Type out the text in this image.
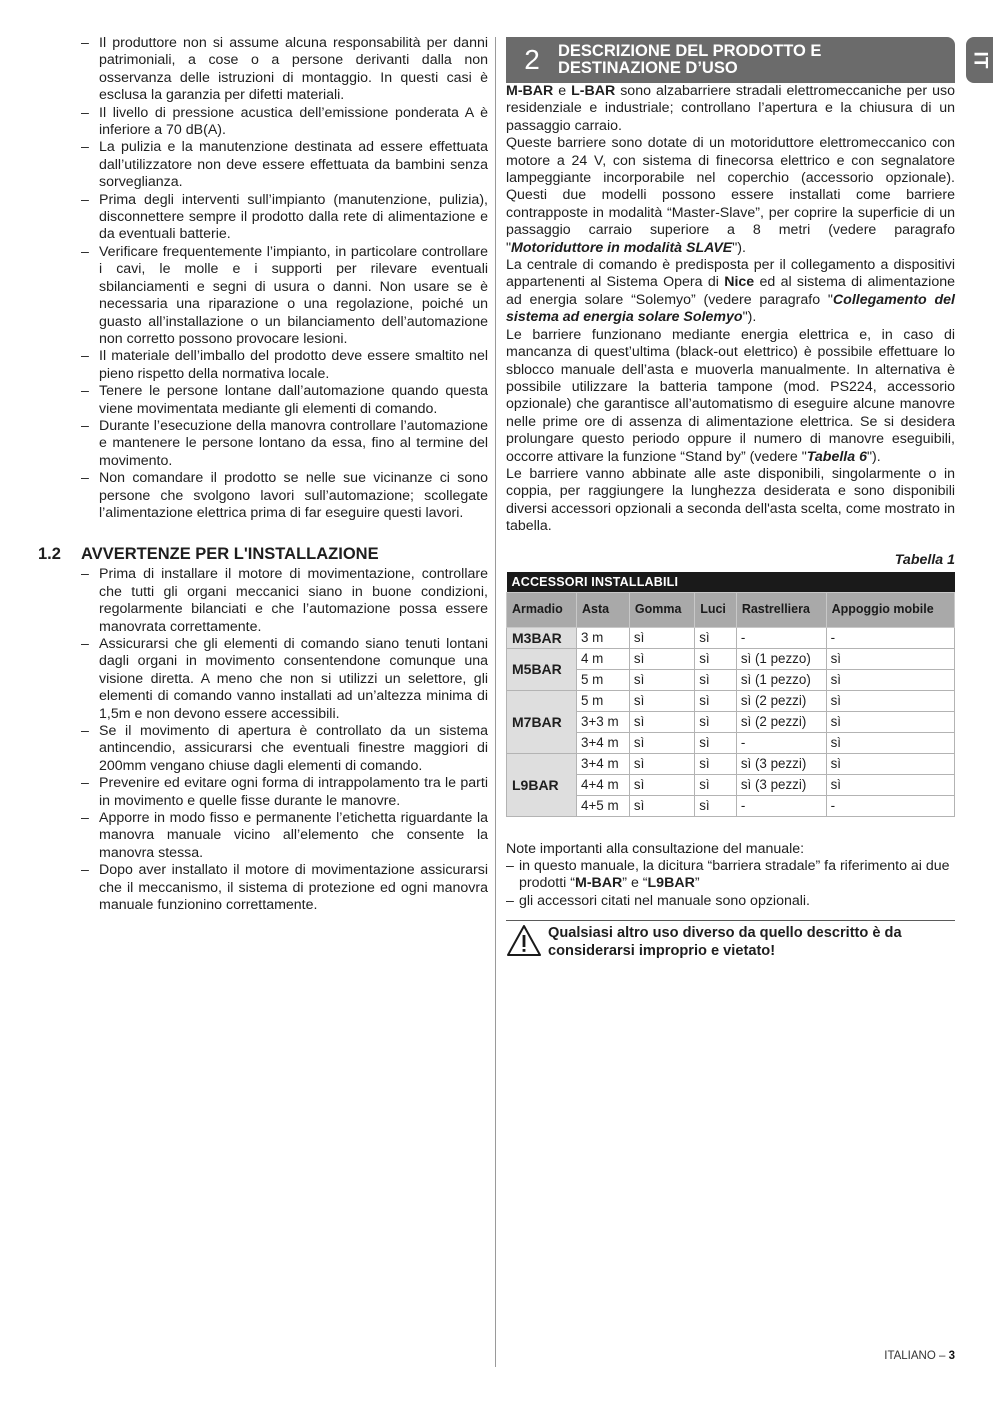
– Il produttore non si assume alcuna responsabilità per danni patrimoniali, a cose o a persone derivanti dalla non osservanza delle istruzioni di montaggio. In questi casi è esclusa la garanzia per difetti materiali.
– Il livello di pressione acustica dell’emissione ponderata A è inferiore a 70 dB(A).
– La pulizia e la manutenzione destinata ad essere effettuata dall’utilizzatore non deve essere effettuata da bambini senza sorveglianza.
– Prima degli interventi sull’impianto (manutenzione, pulizia), disconnettere sempre il prodotto dalla rete di alimentazione e da eventuali batterie.
– Verificare frequentemente l’impianto, in particolare controllare i cavi, le molle e i supporti per rilevare eventuali sbilanciamenti e segni di usura o danni. Non usare se è necessaria una riparazione o una regolazione, poiché un guasto all’installazione o un bilanciamento dell’automazione non corretto possono provocare lesioni.
– Il materiale dell’imballo del prodotto deve essere smaltito nel pieno rispetto della normativa locale.
– Tenere le persone lontane dall’automazione quando questa viene movimentata mediante gli elementi di comando.
– Durante l’esecuzione della manovra controllare l’automazione e mantenere le persone lontano da essa, fino al termine del movimento.
– Non comandare il prodotto se nelle sue vicinanze ci sono persone che svolgono lavori sull’automazione; scollegate l’alimentazione elettrica prima di far eseguire questi lavori.
1.2	AVVERTENZE PER L'INSTALLAZIONE
– Prima di installare il motore di movimentazione, controllare che tutti gli organi meccanici siano in buone condizioni, regolarmente bilanciati e che l’automazione possa essere manovrata correttamente.
– Assicurarsi che gli elementi di comando siano tenuti lontani dagli organi in movimento consentendone comunque una visione diretta. A meno che non si utilizzi un selettore, gli elementi di comando vanno installati ad un’altezza minima di 1,5m e non devono essere accessibili.
– Se il movimento di apertura è controllato da un sistema antincendio, assicurarsi che eventuali finestre maggiori di 200mm vengano chiuse dagli elementi di comando.
– Prevenire ed evitare ogni forma di intrappolamento tra le parti in movimento e quelle fisse durante le manovre.
– Apporre in modo fisso e permanente l’etichetta riguardante la manovra manuale vicino all’elemento che consente la manovra stessa.
– Dopo aver installato il motore di movimentazione assicurarsi che il meccanismo, il sistema di protezione ed ogni manovra manuale funzionino correttamente.
2	DESCRIZIONE DEL PRODOTTO E
DESTINAZIONE D’USO

M-BAR e L-BAR sono alzabarriere stradali elettromeccaniche per uso residenziale e industriale; controllano l’apertura e la chiusura di un passaggio carraio.

Queste barriere sono dotate di un motoriduttore elettromeccanico con motore a 24 V, con sistema di finecorsa elettrico e con segnalatore lampeggiante incorporabile nel coperchio (accessorio opzionale). Questi due modelli possono essere installati come barriere contrapposte in modalità “Master-Slave”, per coprire la superficie di un passaggio carraio superiore a 8 metri (vedere paragrafo "Motoriduttore in modalità SLAVE").

La centrale di comando è predisposta per il collegamento a dispositivi appartenenti al Sistema Opera di Nice ed al sistema di alimentazione ad energia solare “Solemyo” (vedere paragrafo "Collegamento del sistema ad energia solare Solemyo").

Le barriere funzionano mediante energia elettrica e, in caso di mancanza di quest’ultima (black-out elettrico) è possibile effettuare lo sblocco manuale dell’asta e muoverla manualmente. In alternativa è possibile utilizzare la batteria tampone (mod. PS224, accessorio opzionale) che garantisce all’automatismo di eseguire alcune manovre nelle prime ore di assenza di alimentazione elettrica. Se si desidera prolungare questo periodo oppure il numero di manovre eseguibili, occorre attivare la funzione “Stand by” (vedere "Tabella 6").

Le barriere vanno abbinate alle aste disponibili, singolarmente o in coppia, per raggiungere la lunghezza desiderata e sono disponibili diversi accessori opzionali a seconda dell'asta scelta, come mostrato in tabella.

Tabella 1
ACCESSORI INSTALLABILI					
Armadio	Asta	Gomma	Luci	Rastrelliera	Appoggio mobile
M3BAR	3 m	sì	sì	-	-
M5BAR	4 m	sì	sì	sì (1 pezzo)	sì
	5 m	sì	sì	sì (1 pezzo)	sì
M7BAR	5 m	sì	sì	sì (2 pezzi)	sì
	3+3 m	sì	sì	sì (2 pezzi)	sì
	3+4 m	sì	sì	-	sì
L9BAR	3+4 m	sì	sì	sì (3 pezzi)	sì
	4+4 m	sì	sì	sì (3 pezzi)	sì
	4+5 m	sì	sì	-	-
Note importanti alla consultazione del manuale:
– in questo manuale, la dicitura “barriera stradale” fa riferimento ai due prodotti “M-BAR” e “L9BAR”
– gli accessori citati nel manuale sono opzionali.
Qualsiasi altro uso diverso da quello descritto è da considerarsi improprio e vietato!
IT
ITALIANO – 3
